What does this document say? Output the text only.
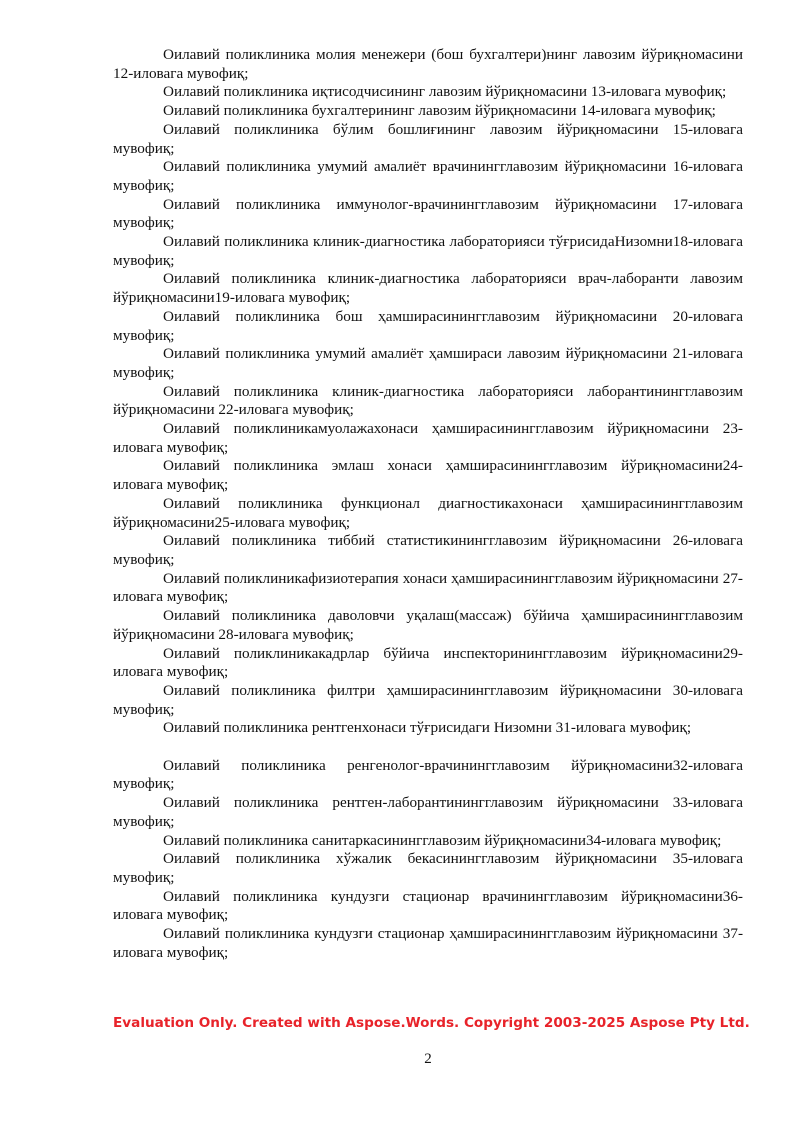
Оилавий поликлиника молия менежери (бош бухгалтери)нинг лавозим йўриқномасини 12-иловага мувофиқ;

Оилавий поликлиника иқтисодчисининг лавозим йўриқномасини 13-иловага мувофиқ;

Оилавий поликлиника бухгалтерининг лавозим йўриқномасини 14-иловага мувофиқ;

Оилавий поликлиника бўлим бошлиғининг лавозим йўриқномасини 15-иловага мувофиқ;

Оилавий поликлиника умумий амалиёт врачинингглавозим йўриқномасини 16-иловага мувофиқ;

Оилавий поликлиника иммунолог-врачинингглавозим йўриқномасини 17-иловага мувофиқ;

Оилавий поликлиника клиник-диагностика лабораторияси тўғрисидаНизомни18-иловага мувофиқ;

Оилавий поликлиника клиник-диагностика лабораторияси врач-лаборанти лавозим йўриқномасини19-иловага мувофиқ;

Оилавий поликлиника бош ҳамширасинингглавозим йўриқномасини 20-иловага мувофиқ;

Оилавий поликлиника умумий амалиёт ҳамшираси лавозим йўриқномасини 21-иловага мувофиқ;

Оилавий поликлиника клиник-диагностика лабораторияси лаборантинингглавозим йўриқномасини 22-иловага мувофиқ;

Оилавий поликлиникамуолажахонаси ҳамширасинингглавозим йўриқномасини 23-иловага мувофиқ;

Оилавий поликлиника эмлаш хонаси ҳамширасинингглавозим йўриқномасини24-иловага мувофиқ;

Оилавий поликлиника функционал диагностикахонаси ҳамширасинингглавозим йўриқномасини25-иловага мувофиқ;

Оилавий поликлиника тиббий статистикинингглавозим йўриқномасини 26-иловага мувофиқ;

Оилавий поликлиникафизиотерапия хонаси ҳамширасинингглавозим йўриқномасини 27-иловага мувофиқ;

Оилавий поликлиника даволовчи уқалаш(массаж) бўйича ҳамширасинингглавозим йўриқномасини 28-иловага мувофиқ;

Оилавий поликлиникакадрлар бўйича инспекторинингглавозим йўриқномасини29-иловага мувофиқ;

Оилавий поликлиника филтри ҳамширасинингглавозим йўриқномасини 30-иловага мувофиқ;

Оилавий поликлиника рентгенхонаси тўғрисидаги Низомни 31-иловага мувофиқ;

Оилавий поликлиника ренгенолог-врачинингглавозим йўриқномасини32-иловага мувофиқ;

Оилавий поликлиника рентген-лаборантинингглавозим йўриқномасини 33-иловага мувофиқ;

Оилавий поликлиника санитаркасинингглавозим йўриқномасини34-иловага мувофиқ;

Оилавий поликлиника хўжалик бекасинингглавозим йўриқномасини 35-иловага мувофиқ;

Оилавий поликлиника кундузги стационар врачинингглавозим йўриқномасини36-иловага мувофиқ;

Оилавий поликлиника кундузги стационар ҳамширасинингглавозим йўриқномасини 37-иловага мувофиқ;

Evaluation Only. Created with Aspose.Words. Copyright 2003-2025 Aspose Pty Ltd.
2
